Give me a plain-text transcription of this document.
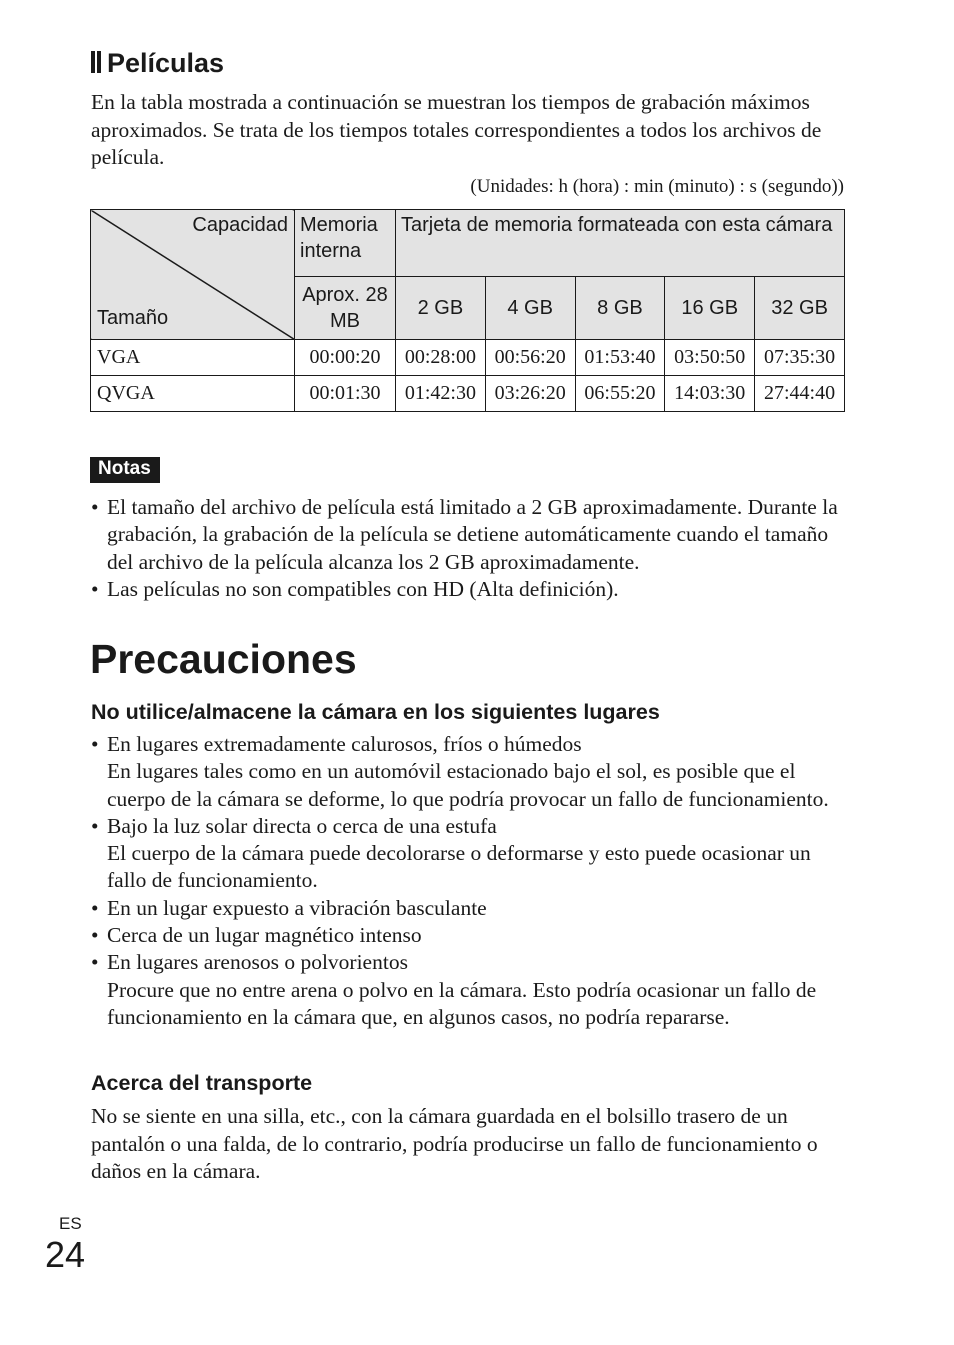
Películas
En la tabla mostrada a continuación se muestran los tiempos de grabación máximos aproximados. Se trata de los tiempos totales correspondientes a todos los archivos de película.
(Unidades: h (hora) : min (minuto) : s (segundo))
Capacidad
Tamaño	Memoria interna	Tarjeta de memoria formateada con esta cámara				
	Aprox. 28 MB	2 GB	4 GB	8 GB	16 GB	32 GB
VGA	00:00:20	00:28:00	00:56:20	01:53:40	03:50:50	07:35:30
QVGA	00:01:30	01:42:30	03:26:20	06:55:20	14:03:30	27:44:40
Notas
• El tamaño del archivo de película está limitado a 2 GB aproximadamente. Durante la grabación, la grabación de la película se detiene automáticamente cuando el tamaño del archivo de la película alcanza los 2 GB aproximadamente.
• Las películas no son compatibles con HD (Alta definición).
Precauciones
No utilice/almacene la cámara en los siguientes lugares
• En lugares extremadamente calurosos, fríos o húmedos
En lugares tales como en un automóvil estacionado bajo el sol, es posible que el cuerpo de la cámara se deforme, lo que podría provocar un fallo de funcionamiento.
• Bajo la luz solar directa o cerca de una estufa
El cuerpo de la cámara puede decolorarse o deformarse y esto puede ocasionar un fallo de funcionamiento.
• En un lugar expuesto a vibración basculante
• Cerca de un lugar magnético intenso
• En lugares arenosos o polvorientos
Procure que no entre arena o polvo en la cámara. Esto podría ocasionar un fallo de funcionamiento en la cámara que, en algunos casos, no podría repararse.
Acerca del transporte
No se siente en una silla, etc., con la cámara guardada en el bolsillo trasero de un pantalón o una falda, de lo contrario, podría producirse un fallo de funcionamiento o daños en la cámara.
ES
24
